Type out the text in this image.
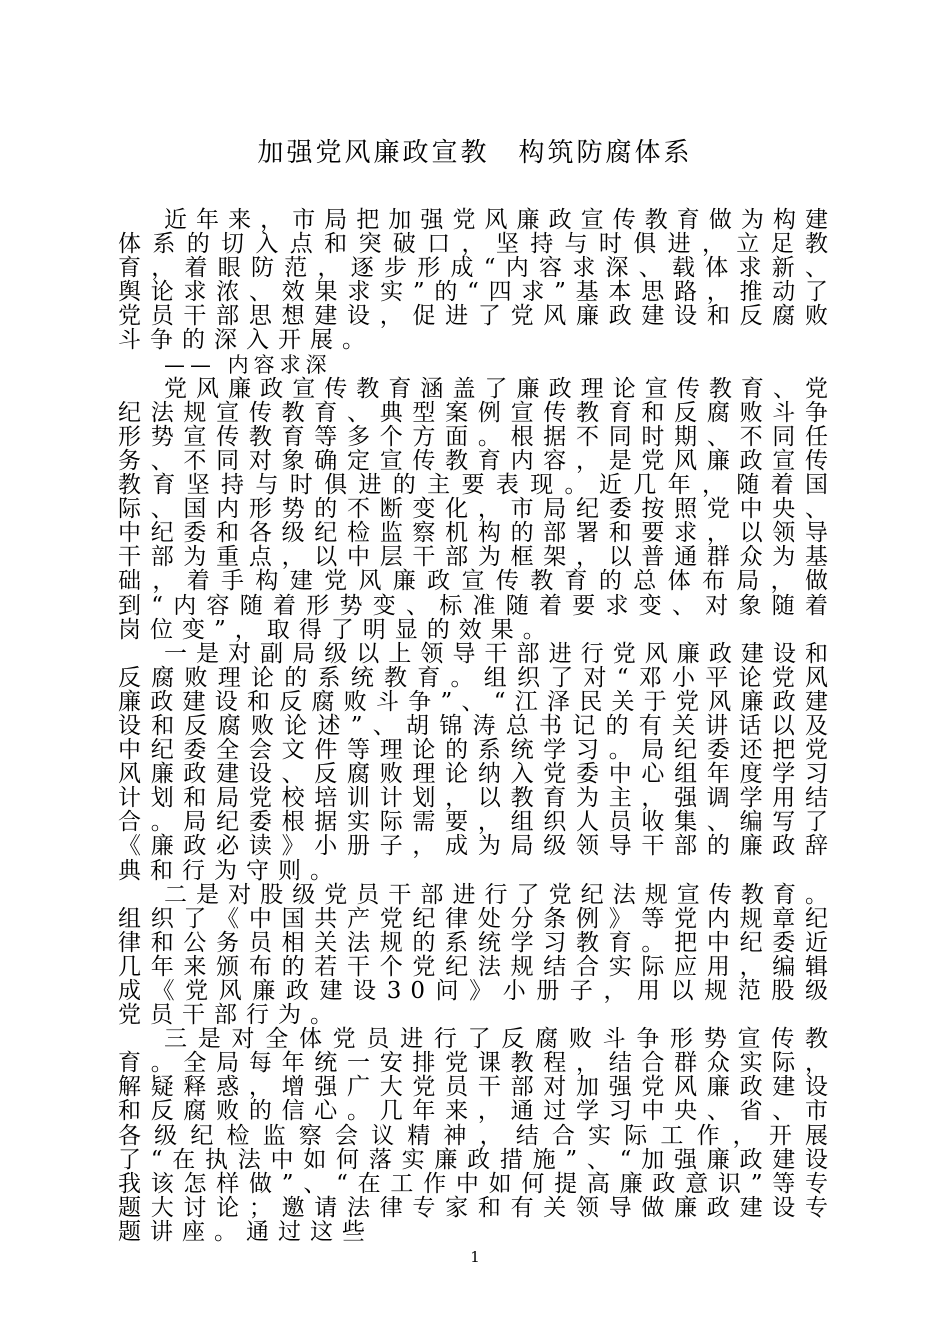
加强党风廉政宣教　构筑防腐体系

近年来，市局把加强党风廉政宣传教育做为构建体系的切入点和突破口，坚持与时俱进，立足教育，着眼防范，逐步形成“内容求深、载体求新、舆论求浓、效果求实”的“四求”基本思路，推动了党员干部思想建设，促进了党风廉政建设和反腐败斗争的深入开展。

—— 内容求深

党风廉政宣传教育涵盖了廉政理论宣传教育、党纪法规宣传教育、典型案例宣传教育和反腐败斗争形势宣传教育等多个方面。根据不同时期、不同任务、不同对象确定宣传教育内容，是党风廉政宣传教育坚持与时俱进的主要表现。近几年，随着国际、国内形势的不断变化，市局纪委按照党中央、中纪委和各级纪检监察机构的部署和要求，以领导干部为重点，以中层干部为框架，以普通群众为基础，着手构建党风廉政宣传教育的总体布局，做到“内容随着形势变、标准随着要求变、对象随着岗位变”，取得了明显的效果。

一是对副局级以上领导干部进行党风廉政建设和反腐败理论的系统教育。组织了对“邓小平论党风廉政建设和反腐败斗争”、“江泽民关于党风廉政建设和反腐败论述”、胡锦涛总书记的有关讲话以及中纪委全会文件等理论的系统学习。局纪委还把党风廉政建设、反腐败理论纳入党委中心组年度学习计划和局党校培训计划，以教育为主，强调学用结合。局纪委根据实际需要，组织人员收集、编写了《廉政必读》小册子，成为局级领导干部的廉政辞典和行为守则。

二是对股级党员干部进行了党纪法规宣传教育。组织了《中国共产党纪律处分条例》等党内规章纪律和公务员相关法规的系统学习教育。把中纪委近几年来颁布的若干个党纪法规结合实际应用，编辑成《党风廉政建设30问》小册子，用以规范股级党员干部行为。

三是对全体党员进行了反腐败斗争形势宣传教育。全局每年统一安排党课教程，结合群众实际，解疑释惑，增强广大党员干部对加强党风廉政建设和反腐败的信心。几年来，通过学习中央、省、市各级纪检监察会议精神，结合实际工作，开展了“在执法中如何落实廉政措施”、“加强廉政建设我该怎样做”、“在工作中如何提高廉政意识”等专题大讨论；邀请法律专家和有关领导做廉政建设专题讲座。通过这些

1
